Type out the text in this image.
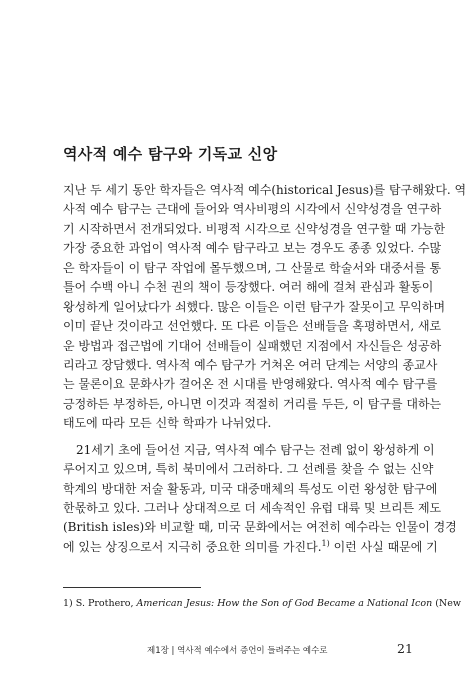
역사적 예수 탐구와 기독교 신앙
지난 두 세기 동안 학자들은 역사적 예수(historical Jesus)를 탐구해왔다. 역
사적 예수 탐구는 근대에 들어와 역사비평의 시각에서 신약성경을 연구하
기 시작하면서 전개되었다. 비평적 시각으로 신약성경을 연구할 때 가능한
가장 중요한 과업이 역사적 예수 탐구라고 보는 경우도 종종 있었다. 수많
은 학자들이 이 탐구 작업에 몰두했으며, 그 산물로 학술서와 대중서를 통
틀어 수백 아니 수천 권의 책이 등장했다. 여러 해에 걸쳐 관심과 활동이
왕성하게 일어났다가 쇠했다. 많은 이들은 이런 탐구가 잘못이고 무익하며
이미 끝난 것이라고 선언했다. 또 다른 이들은 선배들을 혹평하면서, 새로
운 방법과 접근법에 기대어 선배들이 실패했던 지점에서 자신들은 성공하
리라고 장담했다. 역사적 예수 탐구가 거쳐온 여러 단계는 서양의 종교사
는 물론이요 문화사가 걸어온 전 시대를 반영해왔다. 역사적 예수 탐구를
긍정하든 부정하든, 아니면 이것과 적절히 거리를 두든, 이 탐구를 대하는
태도에 따라 모든 신학 학파가 나뉘었다.
21세기 초에 들어선 지금, 역사적 예수 탐구는 전례 없이 왕성하게 이
루어지고 있으며, 특히 북미에서 그러하다. 그 선례를 찾을 수 없는 신약
학계의 방대한 저술 활동과, 미국 대중매체의 특성도 이런 왕성한 탐구에
한몫하고 있다. 그러나 상대적으로 더 세속적인 유럽 대륙 및 브리튼 제도
(British isles)와 비교할 때, 미국 문화에서는 여전히 예수라는 인물이 경경
에 있는 상징으로서 지극히 중요한 의미를 가진다.$^{1)}$ 이런 사실 때문에 기
1) S. Prothero, American Jesus: How the Son of God Became a National Icon (New
제1장 | 역사적 예수에서 증언이 들려주는 예수로	21
